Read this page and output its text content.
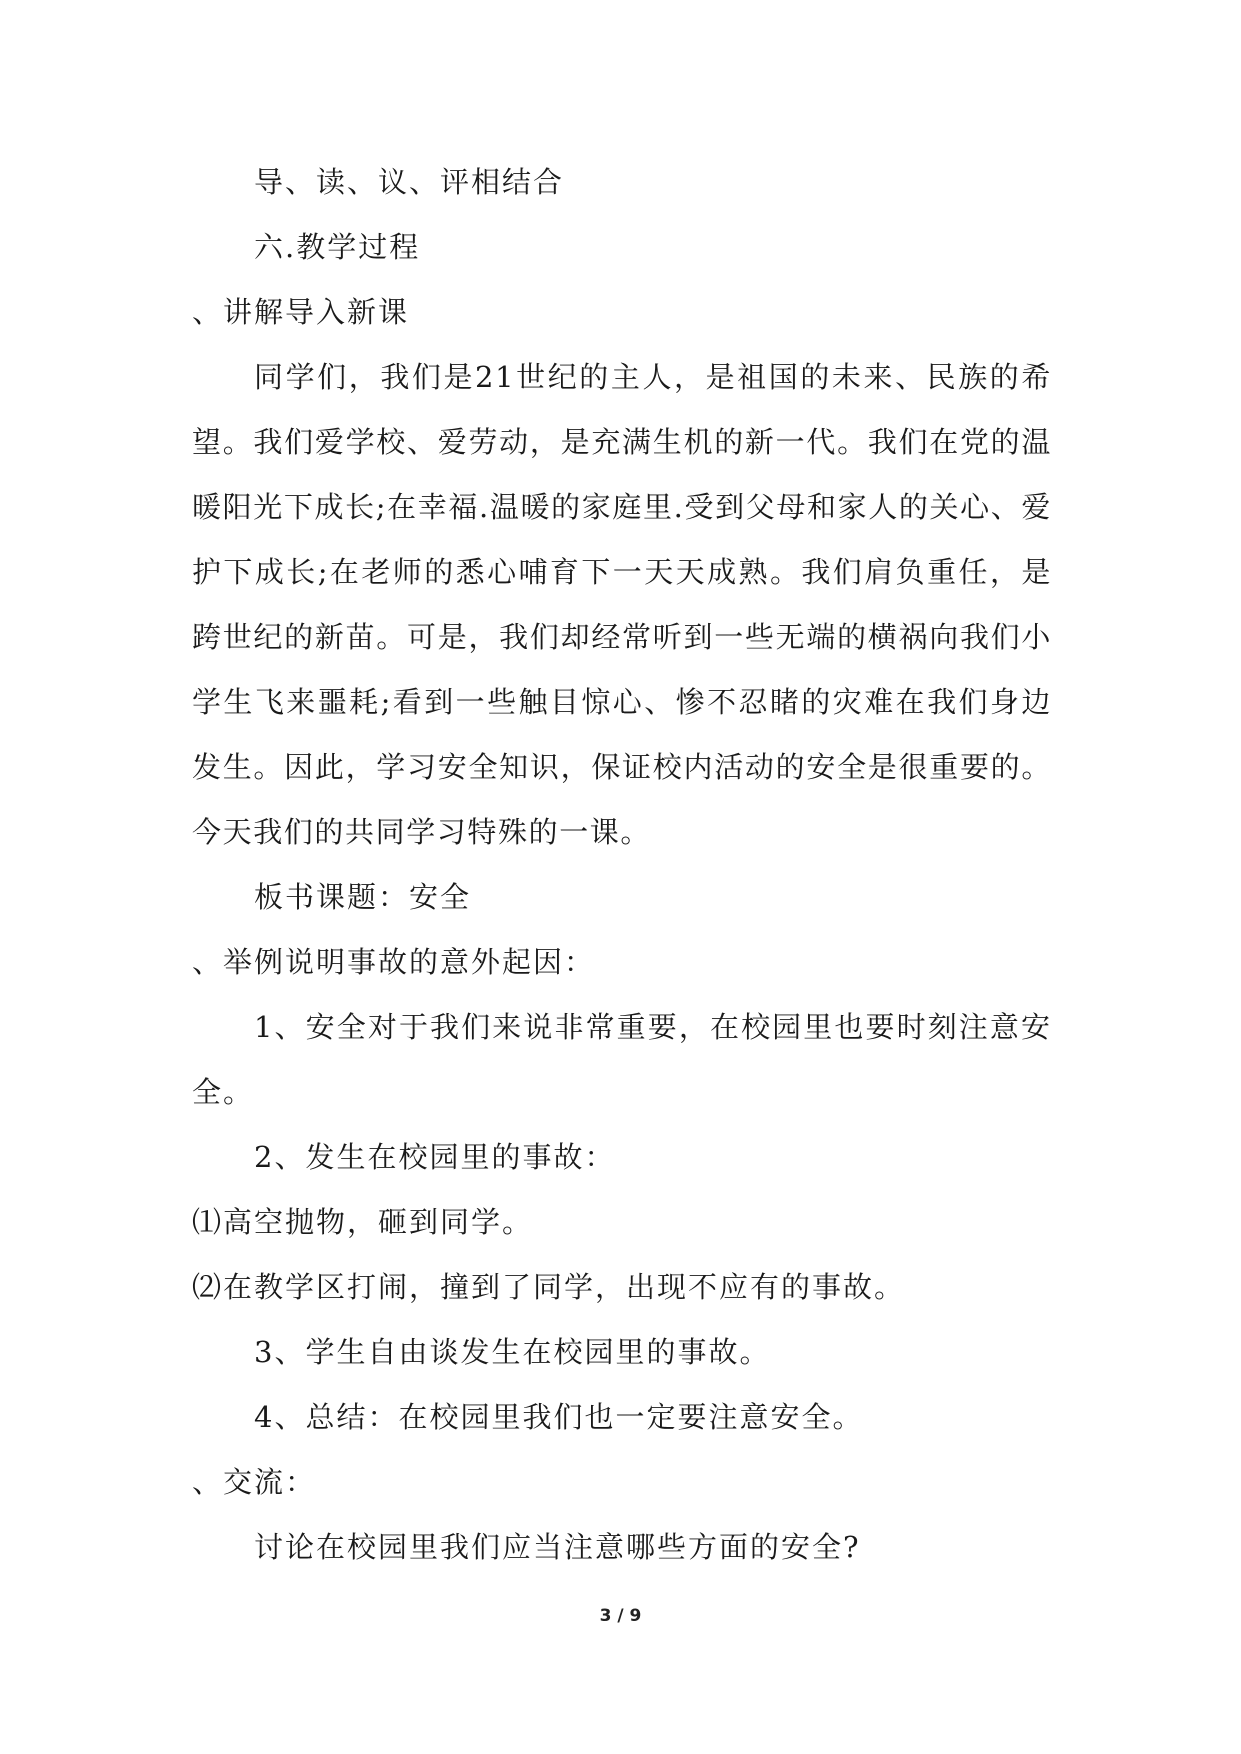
导、读、议、评相结合
六.教学过程
、讲解导入新课

同学们，我们是21世纪的主人，是祖国的未来、民族的希望。我们爱学校、爱劳动，是充满生机的新一代。我们在党的温暖阳光下成长;在幸福.温暖的家庭里.受到父母和家人的关心、爱护下成长;在老师的悉心哺育下一天天成熟。我们肩负重任，是跨世纪的新苗。可是，我们却经常听到一些无端的横祸向我们小学生飞来噩耗;看到一些触目惊心、惨不忍睹的灾难在我们身边发生。因此，学习安全知识，保证校内活动的安全是很重要的。今天我们的共同学习特殊的一课。

板书课题：安全
、举例说明事故的意外起因：

1、安全对于我们来说非常重要，在校园里也要时刻注意安全。

2、发生在校园里的事故：
⑴高空抛物，砸到同学。
⑵在教学区打闹，撞到了同学，出现不应有的事故。
3、学生自由谈发生在校园里的事故。
4、总结：在校园里我们也一定要注意安全。
、交流：
讨论在校园里我们应当注意哪些方面的安全?
3 / 9
